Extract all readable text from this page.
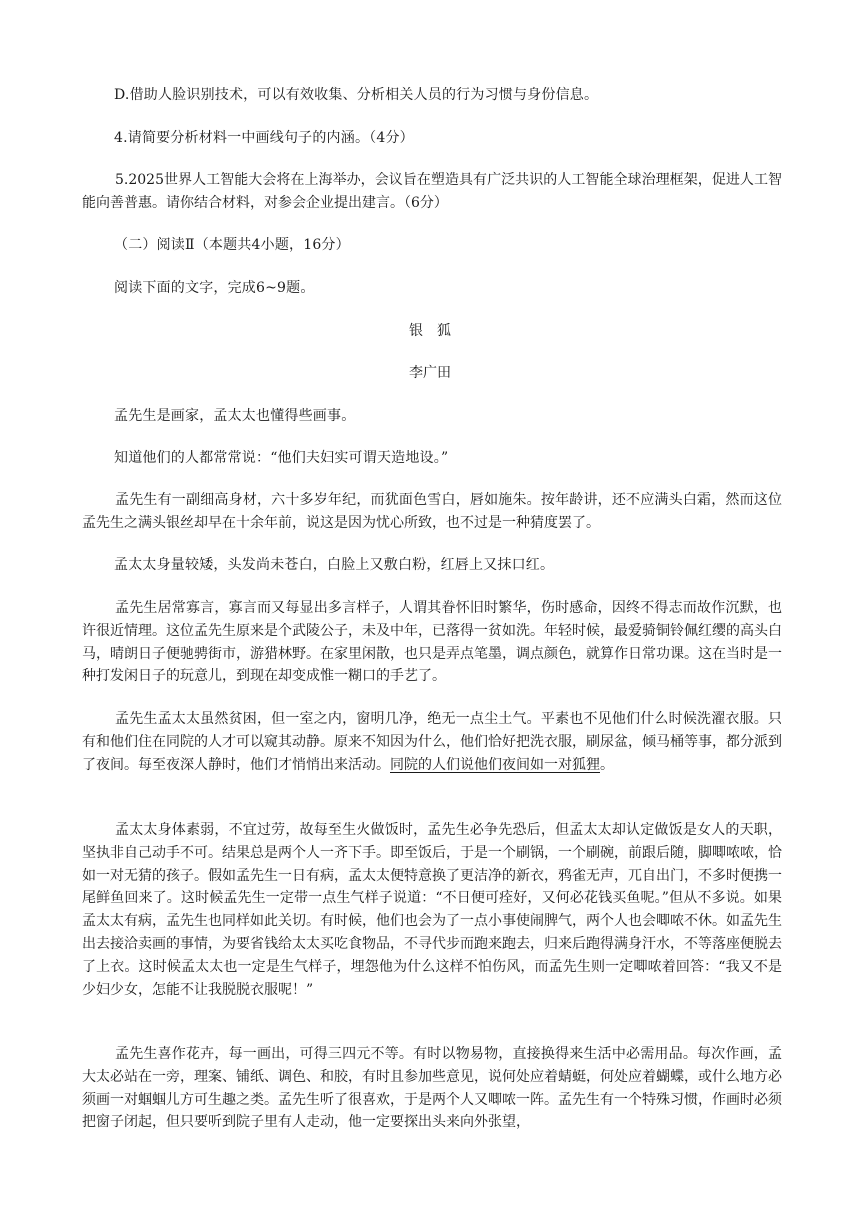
D.借助人脸识别技术，可以有效收集、分析相关人员的行为习惯与身份信息。
4.请简要分析材料一中画线句子的内涵。（4分）
5.2025世界人工智能大会将在上海举办，会议旨在塑造具有广泛共识的人工智能全球治理框架，促进人工智能向善普惠。请你结合材料，对参会企业提出建言。（6分）
（二）阅读Ⅱ（本题共4小题，16分）
阅读下面的文字，完成6~9题。
银　狐
李广田
孟先生是画家，孟太太也懂得些画事。
知道他们的人都常常说：“他们夫妇实可谓天造地设。”
孟先生有一副细高身材，六十多岁年纪，而犹面色雪白，唇如施朱。按年龄讲，还不应满头白霜，然而这位孟先生之满头银丝却早在十余年前，说这是因为忧心所致，也不过是一种猜度罢了。
孟太太身量较矮，头发尚未苍白，白脸上又敷白粉，红唇上又抹口红。
孟先生居常寡言，寡言而又每显出多言样子，人谓其眷怀旧时繁华，伤时感命，因终不得志而故作沉默，也许很近情理。这位孟先生原来是个武陵公子，未及中年，已落得一贫如洗。年轻时候，最爱骑铜铃佩红缨的高头白马，晴朗日子便驰骋街市，游猎林野。在家里闲散，也只是弄点笔墨，调点颜色，就算作日常功课。这在当时是一种打发闲日子的玩意儿，到现在却变成惟一糊口的手艺了。
孟先生孟太太虽然贫困，但一室之内，窗明几净，绝无一点尘土气。平素也不见他们什么时候洗濯衣服。只有和他们住在同院的人才可以窥其动静。原来不知因为什么，他们恰好把洗衣服，刷尿盆，倾马桶等事，都分派到了夜间。每至夜深人静时，他们才悄悄出来活动。同院的人们说他们夜间如一对狐狸。
孟太太身体素弱，不宜过劳，故每至生火做饭时，孟先生必争先恐后，但孟太太却认定做饭是女人的天职，坚执非自己动手不可。结果总是两个人一齐下手。即至饭后，于是一个刷锅，一个刷碗，前跟后随，脚唧哝哝，恰如一对无猜的孩子。假如孟先生一日有病，孟太太便特意换了更洁净的新衣，鸦雀无声，兀自出门，不多时便携一尾鲜鱼回来了。这时候孟先生一定带一点生气样子说道：“不日便可痊好，又何必花钱买鱼呢。”但从不多说。如果孟太太有病，孟先生也同样如此关切。有时候，他们也会为了一点小事使闹脾气，两个人也会唧哝不休。如孟先生出去接洽卖画的事情，为要省钱给太太买吃食物品，不寻代步而跑来跑去，归来后跑得满身汗水，不等落座便脱去了上衣。这时候孟太太也一定是生气样子，埋怨他为什么这样不怕伤风，而孟先生则一定唧哝着回答：“我又不是少妇少女，怎能不让我脱脱衣服呢！”
孟先生喜作花卉，每一画出，可得三四元不等。有时以物易物，直接换得来生活中必需用品。每次作画，孟大太必站在一旁，理案、铺纸、调色、和胶，有时且参加些意见，说何处应着蜻蜓，何处应着蝴蝶，或什么地方必须画一对蝈蝈儿方可生趣之类。孟先生听了很喜欢，于是两个人又唧哝一阵。孟先生有一个特殊习惯，作画时必须把窗子闭起，但只要听到院子里有人走动，他一定要探出头来向外张望，
